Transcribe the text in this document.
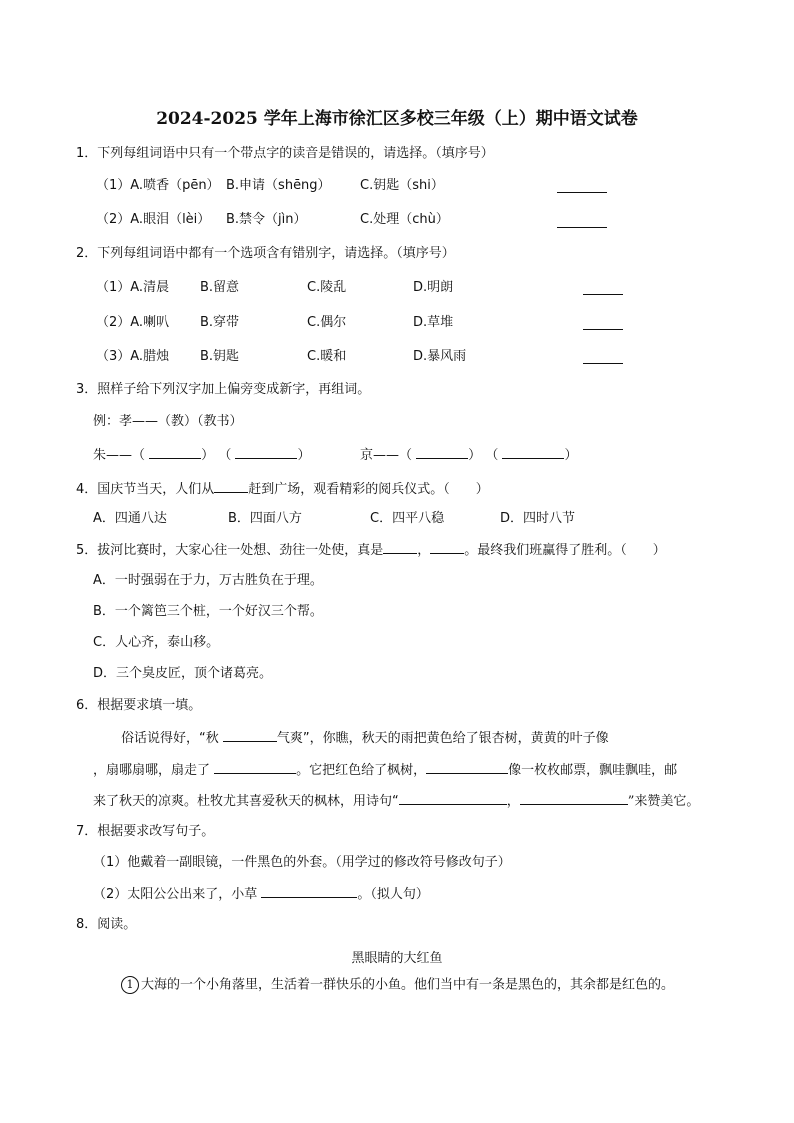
2024-2025 学年上海市徐汇区多校三年级（上）期中语文试卷
1．下列每组词语中只有一个带点字的读音是错误的，请选择。（填序号）
（1）A.喷香（pēn） B.申请（shēng） C.钥匙（shi）
（2）A.眼泪（lèi） B.禁令（jìn）	C.处理（chù）
2．下列每组词语中都有一个选项含有错别字，请选择。（填序号）
（1）A.清晨 B.留意	C.陵乱	D.明朗
（2）A.喇叭 B.穿带	C.偶尔	D.草堆
（3）A.腊烛 B.钥匙	C.暖和	D.暴风雨
3．照样子给下列汉字加上偏旁变成新字，再组词。
例：孝——（教）（教书）
朱——（	） （	）	京——（	） （	）
4．国庆节当天，人们从	赶到广场，观看精彩的阅兵仪式。（　　）
A．四通八达	B．四面八方	C．四平八稳	D．四时八节
5．拔河比赛时，大家心往一处想、劲往一处使，真是	，	。最终我们班赢得了胜利。（　　）
A．一时强弱在于力，万古胜负在于理。
B．一个篱笆三个桩，一个好汉三个帮。
C．人心齐，泰山移。
D．三个臭皮匠，顶个诸葛亮。
6．根据要求填一填。
俗话说得好，“秋	气爽”，你瞧，秋天的雨把黄色给了银杏树，黄黄的叶子像
，扇哪扇哪，扇走了	。它把红色给了枫树，	像一枚枚邮票，飘哇飘哇，邮
来了秋天的凉爽。杜牧尤其喜爱秋天的枫林，用诗句“	，	”来赞美它。
7．根据要求改写句子。
（1）他戴着一副眼镜，一件黑色的外套。（用学过的修改符号修改句子）
（2）太阳公公出来了，小草	。（拟人句）
8．阅读。
黑眼睛的大红鱼
1 大海的一个小角落里，生活着一群快乐的小鱼。他们当中有一条是黑色的，其余都是红色的。
